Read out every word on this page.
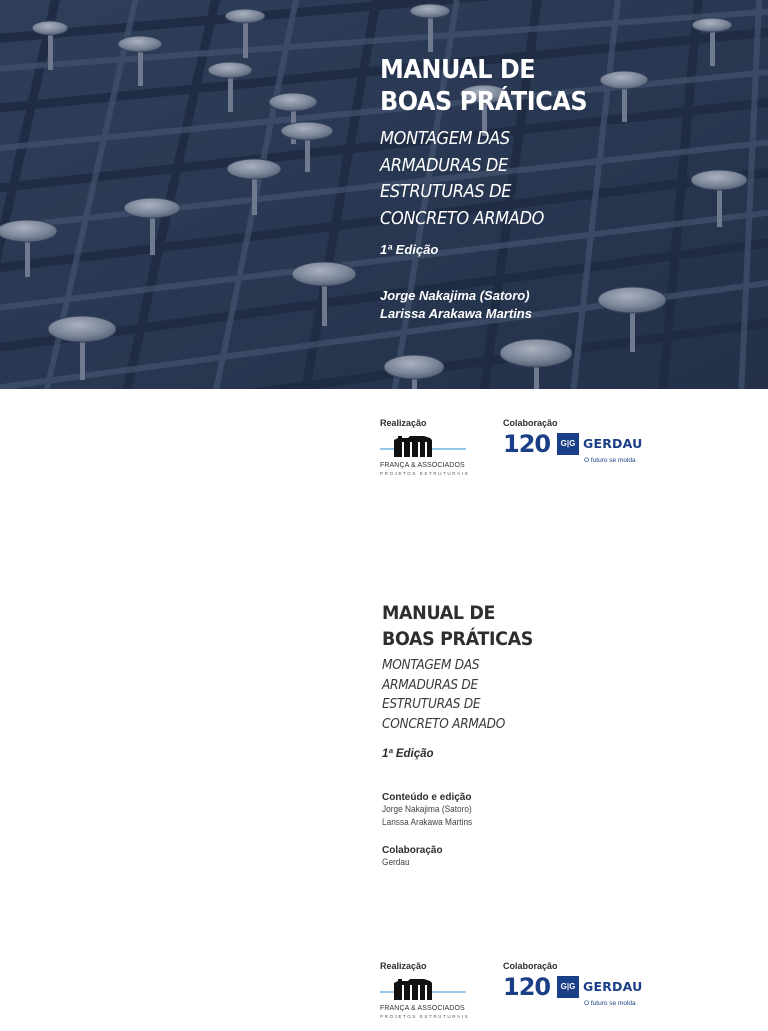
MANUAL DE
BOAS PRÁTICAS
MONTAGEM DAS
ARMADURAS DE
ESTRUTURAS DE
CONCRETO ARMADO
1ª Edição
Jorge Nakajima (Satoro)
Larissa Arakawa Martins
Realização	Colaboração
FRANÇA & ASSOCIADOS
PROJETOS ESTRUTURAIS
120	G|G GERDAU
O futuro se molda
MANUAL DE
BOAS PRÁTICAS
MONTAGEM DAS
ARMADURAS DE
ESTRUTURAS DE
CONCRETO ARMADO
1ª Edição
Conteúdo e edição
Jorge Nakajima (Satoro)
Larissa Arakawa Martins
Colaboração
Gerdau
Realização	Colaboração
FRANÇA & ASSOCIADOS
PROJETOS ESTRUTURAIS
120	G|G GERDAU
O futuro se molda
